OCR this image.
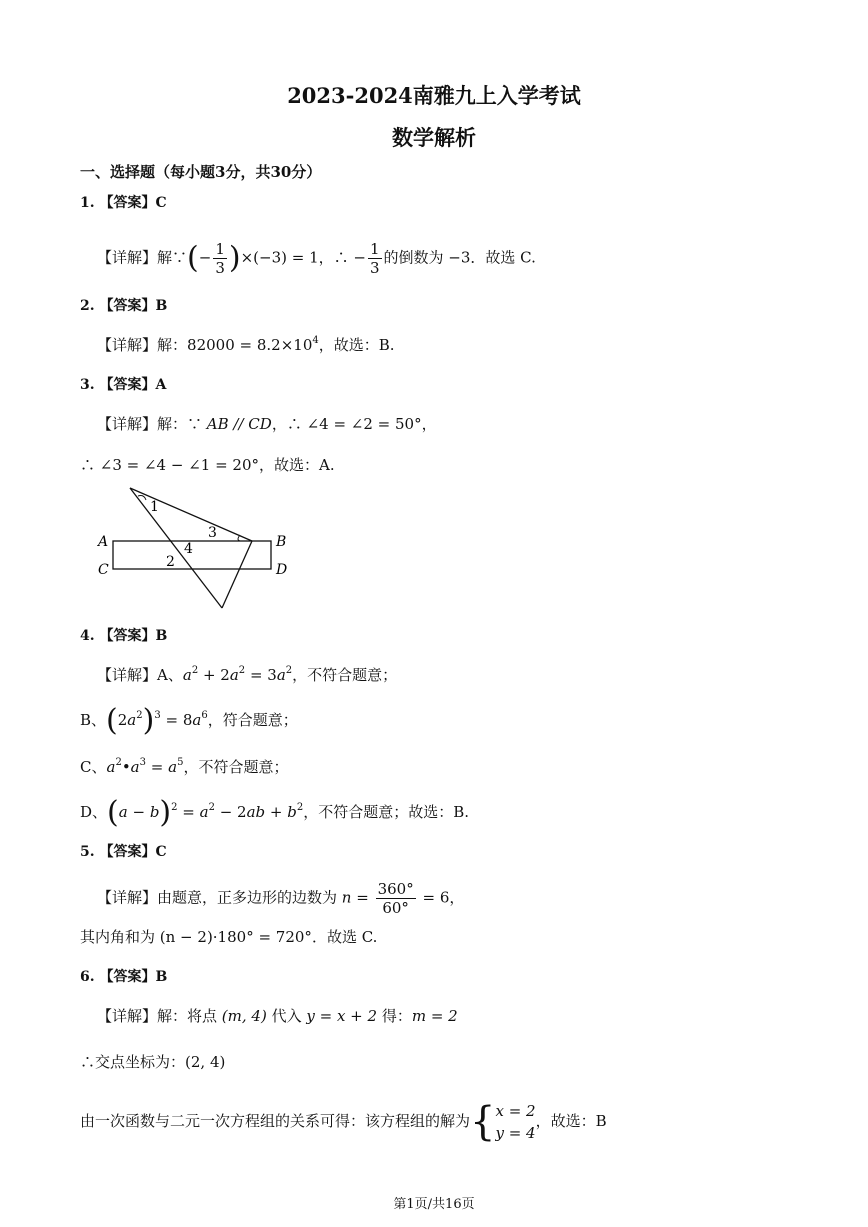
2023-2024南雅九上入学考试
数学解析
一、选择题（每小题3分，共30分）
1. 【答案】C
【详解】解∵(− $\frac{1}{3} )\times(-3) = 1$，∴ − $\frac{1}{3}$ 的倒数为 −3．故选 C.
2. 【答案】B
【详解】解：$82000 = 8.2\times 10^4$，故选：B.
3. 【答案】A
【详解】解：∵ AB // CD，∴ ∠4 = ∠2 = 50°，
∴ ∠3 = ∠4 − ∠1 = 20°，故选：A.
1
3
4
2
A	B
C	D
4. 【答案】B
【详解】A、$a^2 + 2a^2 = 3a^2$，不符合题意；
B、$(2a^2)^3 = 8a^6$，符合题意；
C、$a^2•a^3 = a^5$，不符合题意；
D、$(a - b)^2 = a^2 - 2ab + b^2$，不符合题意；故选：B.
5. 【答案】C
【详解】由题意，正多边形的边数为 $n = \frac{360^\circ}{60^\circ} = 6$，
其内角和为 (n − 2)·180° = 720°．故选 C.
6. 【答案】B
【详解】解：将点 (m, 4) 代入 y = x + 2 得：m = 2
∴交点坐标为：(2, 4)
由一次函数与二元一次方程组的关系可得：该方程组的解为{ x = 2
y = 4
，故选：B
第1页/共16页
